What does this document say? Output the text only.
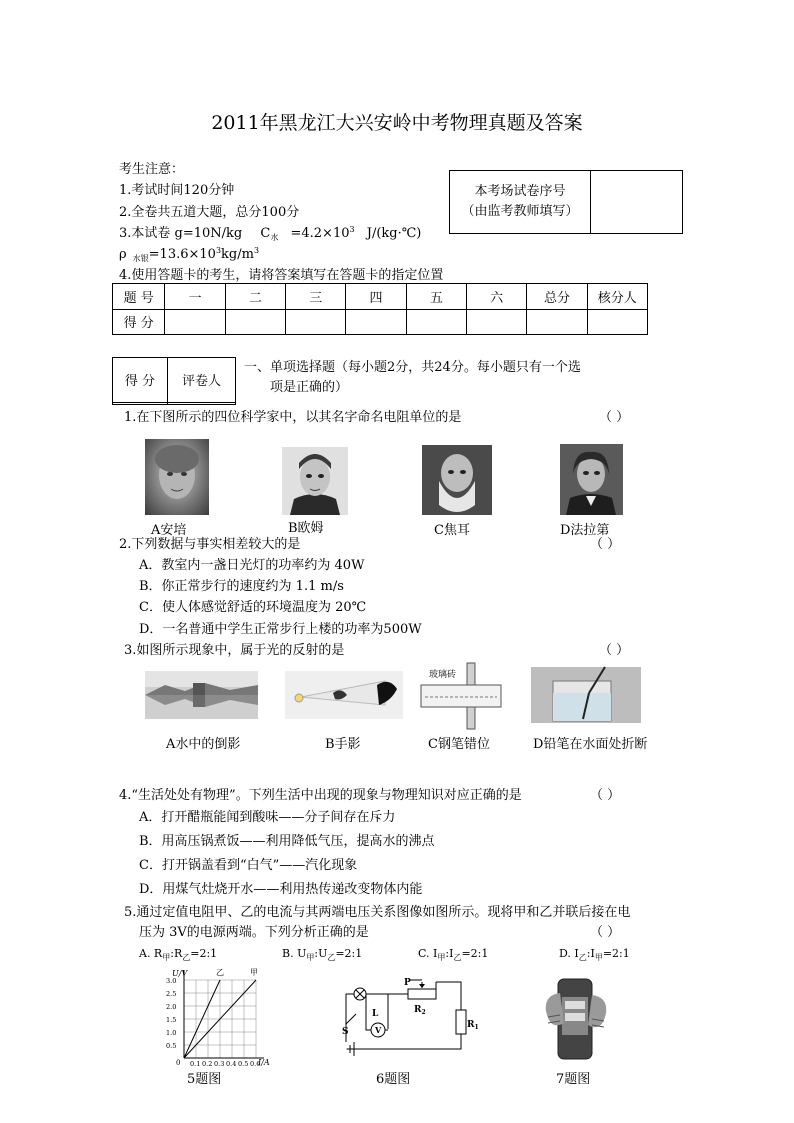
2011年黑龙江大兴安岭中考物理真题及答案
考生注意：
1.考试时间120分钟
2.全卷共五道大题，总分100分
3.本试卷 g=10N/kg $C_水 =4.2\times 10^3$ J/(kg·℃)
ρ $_{水银}=13.6\times 10^3kg/m^3$
4.使用答题卡的考生，请将答案填写在答题卡的指定位置
本考场试卷序号
（由监考教师填写）

题 号	一	二	三	四	五	六	总分	核分人
得 分								
得 分	评卷人

一、单项选择题（每小题2分，共24分。每小题只有一个选
项是正确的）
1.在下图所示的四位科学家中，以其名字命名电阻单位的是	（ ）
A安培	B欧姆	C焦耳	D法拉第
2.下列数据与事实相差较大的是	（ ）
A．教室内一盏日光灯的功率约为 40W
B．你正常步行的速度约为 1.1 m/s
C．使人体感觉舒适的环境温度为 20℃
D．一名普通中学生正常步行上楼的功率为500W
3.如图所示现象中，属于光的反射的是	（ ）
玻璃砖
A水中的倒影	B手影	C钢笔错位	D铅笔在水面处折断
4.“生活处处有物理”。下列生活中出现的现象与物理知识对应正确的是	（ ）
A．打开醋瓶能闻到酸味——分子间存在斥力
B．用高压锅煮饭——利用降低气压，提高水的沸点
C．打开锅盖看到“白气”——汽化现象
D．用煤气灶烧开水——利用热传递改变物体内能
5.通过定值电阻甲、乙的电流与其两端电压关系图像如图所示。现将甲和乙并联后接在电
压为 3V的电源两端。下列分析正确的是	（ ）
A. $R_甲:R_乙=2:1$	B. $U_甲:U_乙=2:1$	C. $I_甲:I_乙=2:1$	D. $I_乙:I_甲=2:1$
U/V	乙	甲
0	I/A
3.0
2.5
2.0
1.5
1.0
0.5
0.1 0.2 0.3 0.4 0.5 0.6
5题图
P
L
V
S
$R_2$
$R_1$
6题图	7题图
